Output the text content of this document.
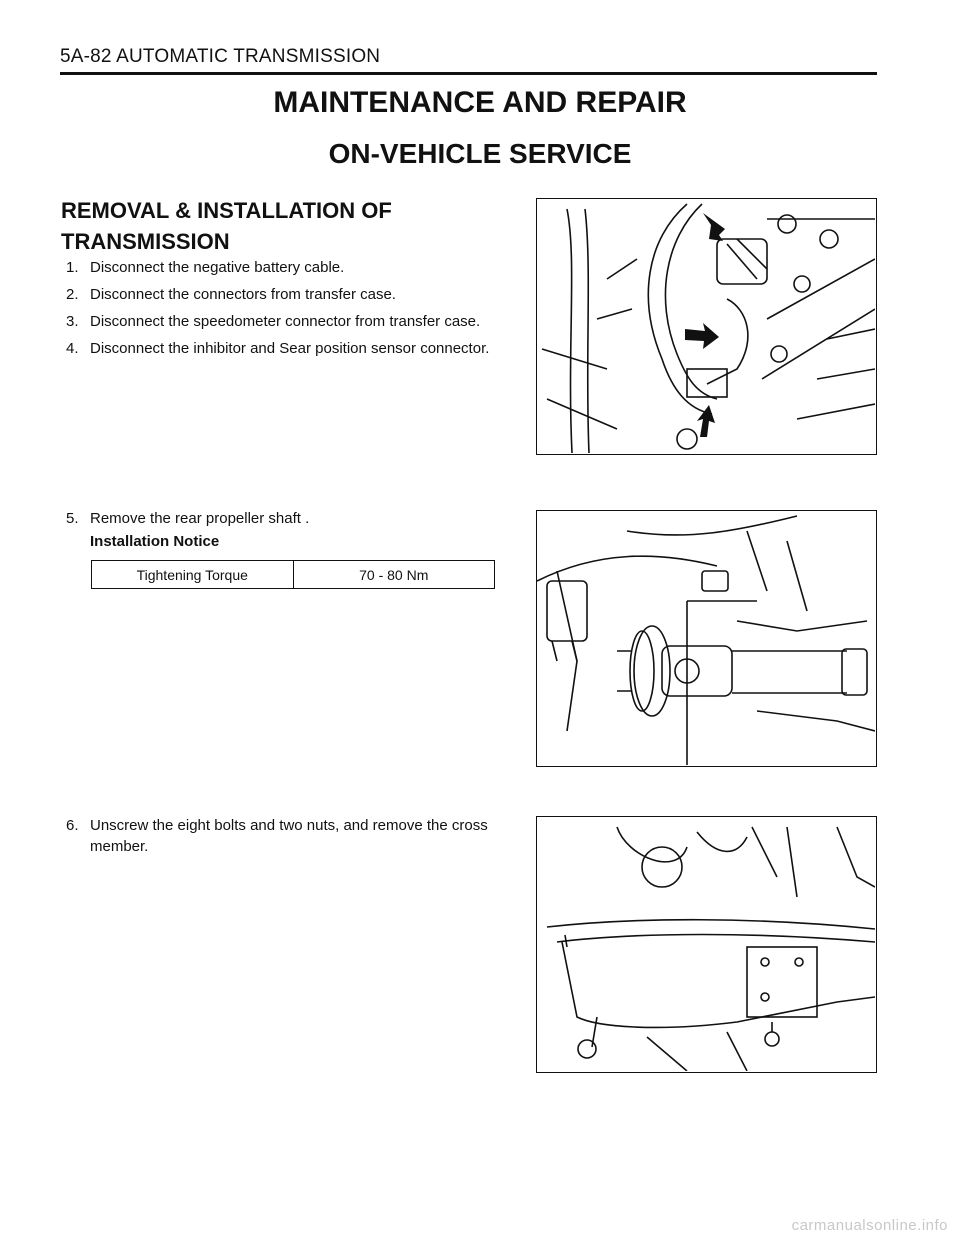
5A-82 AUTOMATIC TRANSMISSION
MAINTENANCE AND REPAIR
ON-VEHICLE SERVICE
REMOVAL & INSTALLATION OF
TRANSMISSION
1. Disconnect the negative battery cable.
2. Disconnect the connectors from transfer case.
3. Disconnect the speedometer connector from transfer case.
4. Disconnect the inhibitor and Sear position sensor connector.
5. Remove the rear propeller shaft .
Installation Notice
Tightening Torque	70 - 80 Nm
6. Unscrew the eight bolts and two nuts, and remove the cross member.
carmanualsonline.info
